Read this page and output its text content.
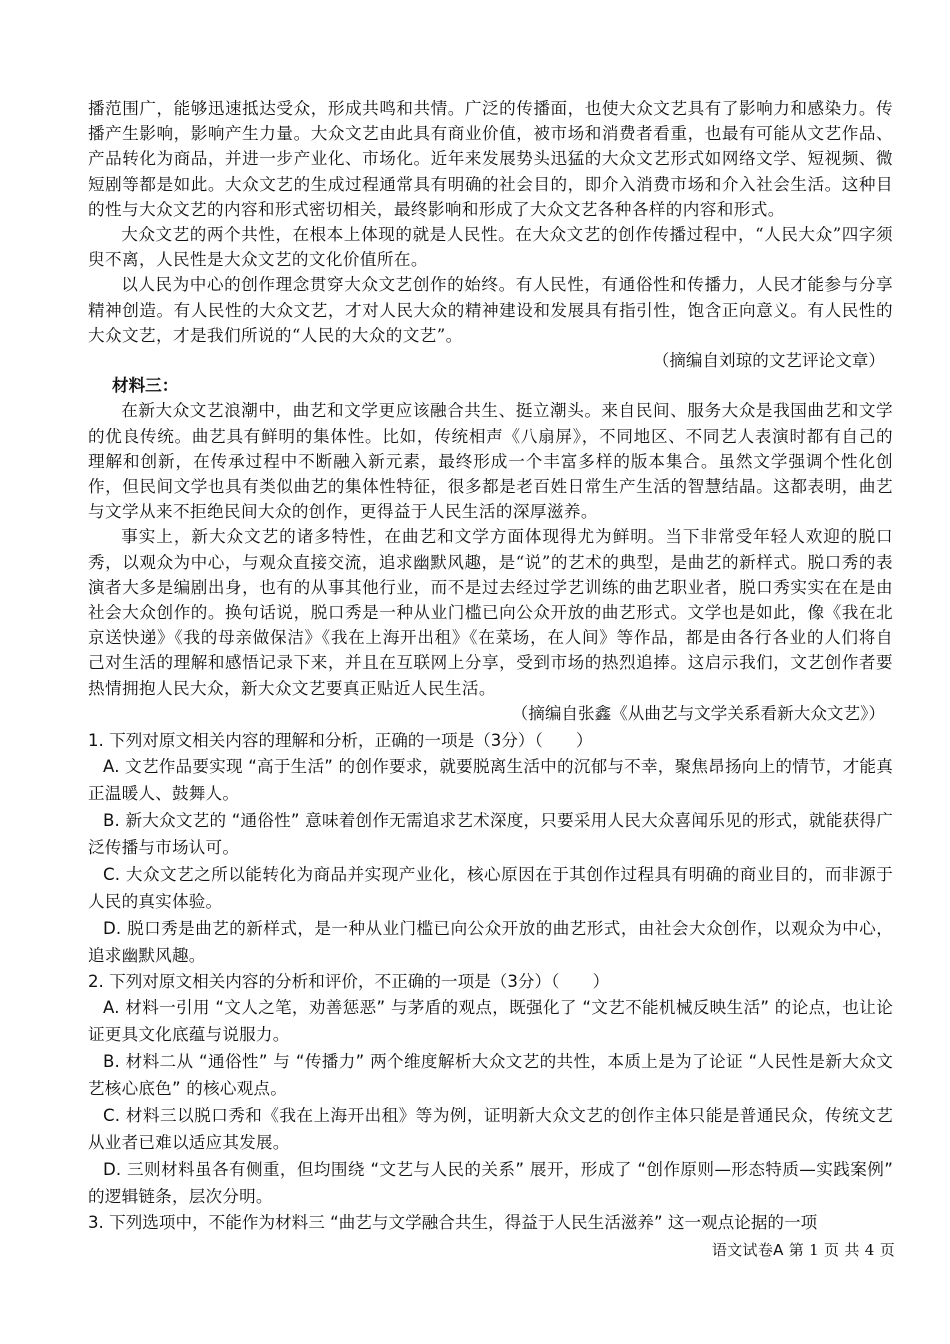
播范围广，能够迅速抵达受众，形成共鸣和共情。广泛的传播面，也使大众文艺具有了影响力和感染力。传播产生影响，影响产生力量。大众文艺由此具有商业价值，被市场和消费者看重，也最有可能从文艺作品、产品转化为商品，并进一步产业化、市场化。近年来发展势头迅猛的大众文艺形式如网络文学、短视频、微短剧等都是如此。大众文艺的生成过程通常具有明确的社会目的，即介入消费市场和介入社会生活。这种目的性与大众文艺的内容和形式密切相关，最终影响和形成了大众文艺各种各样的内容和形式。

大众文艺的两个共性，在根本上体现的就是人民性。在大众文艺的创作传播过程中，“人民大众”四字须臾不离，人民性是大众文艺的文化价值所在。

以人民为中心的创作理念贯穿大众文艺创作的始终。有人民性，有通俗性和传播力，人民才能参与分享精神创造。有人民性的大众文艺，才对人民大众的精神建设和发展具有指引性，饱含正向意义。有人民性的大众文艺，才是我们所说的“人民的大众的文艺”。

（摘编自刘琼的文艺评论文章）

材料三：

在新大众文艺浪潮中，曲艺和文学更应该融合共生、挺立潮头。来自民间、服务大众是我国曲艺和文学的优良传统。曲艺具有鲜明的集体性。比如，传统相声《八扇屏》，不同地区、不同艺人表演时都有自己的理解和创新，在传承过程中不断融入新元素，最终形成一个丰富多样的版本集合。虽然文学强调个性化创作，但民间文学也具有类似曲艺的集体性特征，很多都是老百姓日常生产生活的智慧结晶。这都表明，曲艺与文学从来不拒绝民间大众的创作，更得益于人民生活的深厚滋养。

事实上，新大众文艺的诸多特性，在曲艺和文学方面体现得尤为鲜明。当下非常受年轻人欢迎的脱口秀，以观众为中心，与观众直接交流，追求幽默风趣，是“说”的艺术的典型，是曲艺的新样式。脱口秀的表演者大多是编剧出身，也有的从事其他行业，而不是过去经过学艺训练的曲艺职业者，脱口秀实实在在是由社会大众创作的。换句话说，脱口秀是一种从业门槛已向公众开放的曲艺形式。文学也是如此，像《我在北京送快递》《我的母亲做保洁》《我在上海开出租》《在菜场，在人间》等作品，都是由各行各业的人们将自己对生活的理解和感悟记录下来，并且在互联网上分享，受到市场的热烈追捧。这启示我们，文艺创作者要热情拥抱人民大众，新大众文艺要真正贴近人民生活。

（摘编自张鑫《从曲艺与文学关系看新大众文艺》）

1. 下列对原文相关内容的理解和分析，正确的一项是（3分）（　　）

A. 文艺作品要实现 “高于生活” 的创作要求，就要脱离生活中的沉郁与不幸，聚焦昂扬向上的情节，才能真正温暖人、鼓舞人。

B. 新大众文艺的 “通俗性” 意味着创作无需追求艺术深度，只要采用人民大众喜闻乐见的形式，就能获得广泛传播与市场认可。

C. 大众文艺之所以能转化为商品并实现产业化，核心原因在于其创作过程具有明确的商业目的，而非源于人民的真实体验。

D. 脱口秀是曲艺的新样式，是一种从业门槛已向公众开放的曲艺形式，由社会大众创作，以观众为中心，追求幽默风趣。

2. 下列对原文相关内容的分析和评价，不正确的一项是（3分）（　　）

A. 材料一引用 “文人之笔，劝善惩恶” 与茅盾的观点，既强化了 “文艺不能机械反映生活” 的论点，也让论证更具文化底蕴与说服力。

B. 材料二从 “通俗性” 与 “传播力” 两个维度解析大众文艺的共性，本质上是为了论证 “人民性是新大众文艺核心底色” 的核心观点。

C. 材料三以脱口秀和《我在上海开出租》等为例，证明新大众文艺的创作主体只能是普通民众，传统文艺从业者已难以适应其发展。

D. 三则材料虽各有侧重，但均围绕 “文艺与人民的关系” 展开，形成了 “创作原则—形态特质—实践案例” 的逻辑链条，层次分明。

3. 下列选项中，不能作为材料三 “曲艺与文学融合共生，得益于人民生活滋养” 这一观点论据的一项

语文试卷A 第 1 页 共 4 页
